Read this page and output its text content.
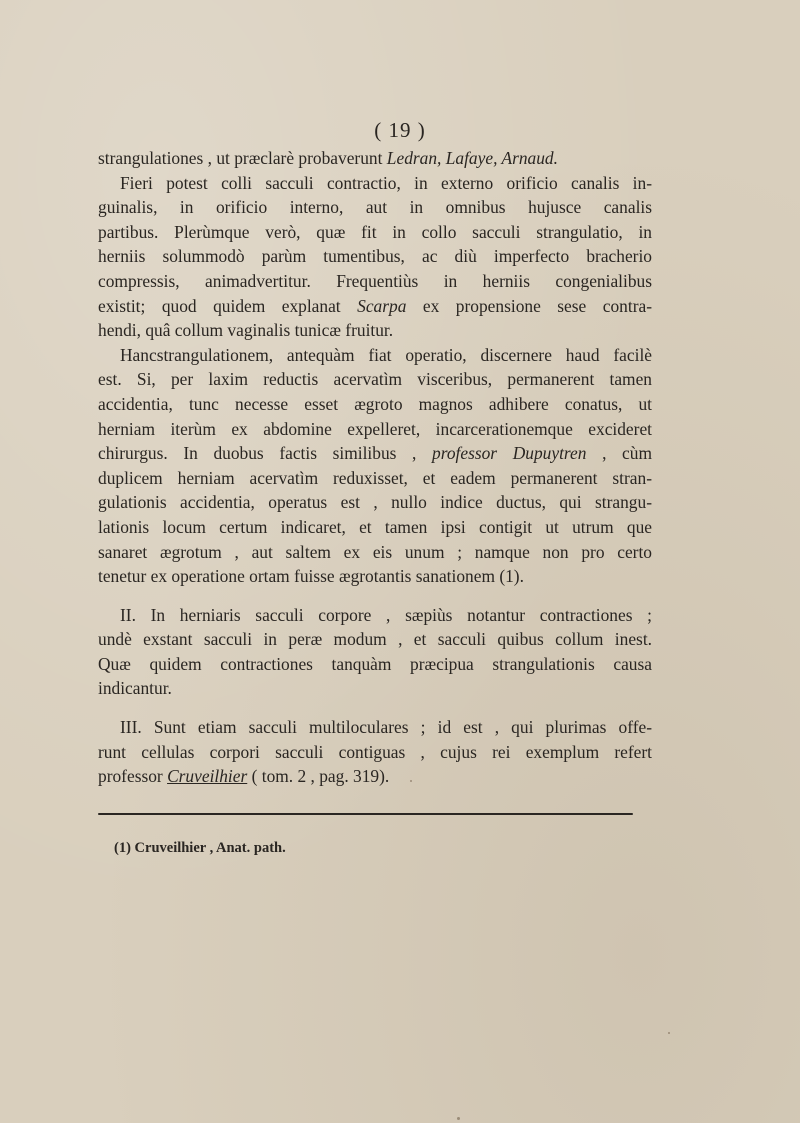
( 19 )
strangulationes , ut præclarè probaverunt Ledran, Lafaye, Arnaud.
Fieri potest colli sacculi contractio, in externo orificio canalis in-
guinalis, in orificio interno, aut in omnibus hujusce canalis
partibus. Plerùmque verò, quæ fit in collo sacculi strangulatio, in
herniis solummodò parùm tumentibus, ac diù imperfecto bracherio
compressis, animadvertitur. Frequentiùs in herniis congenialibus
existit; quod quidem explanat Scarpa ex propensione sese contra-
hendi, quâ collum vaginalis tunicæ fruitur.
Hancstrangulationem, antequàm fiat operatio, discernere haud facilè
est. Si, per laxim reductis acervatìm visceribus, permanerent tamen
accidentia, tunc necesse esset ægroto magnos adhibere conatus, ut
herniam iterùm ex abdomine expelleret, incarcerationemque excideret
chirurgus. In duobus factis similibus , professor Dupuytren , cùm
duplicem herniam acervatìm reduxisset, et eadem permanerent stran-
gulationis accidentia, operatus est , nullo indice ductus, qui strangu-
lationis locum certum indicaret, et tamen ipsi contigit ut utrum que
sanaret ægrotum , aut saltem ex eis unum ; namque non pro certo
tenetur ex operatione ortam fuisse ægrotantis sanationem (1).
II. In herniaris sacculi corpore , sæpiùs notantur contractiones ;
undè exstant sacculi in peræ modum , et sacculi quibus collum inest.
Quæ quidem contractiones tanquàm præcipua strangulationis causa
indicantur.
III. Sunt etiam sacculi multiloculares ; id est , qui plurimas offe-
runt cellulas corpori sacculi contiguas , cujus rei exemplum refert
professor Cruveilhier ( tom. 2 , pag. 319).
(1) Cruveilhier , Anat. path.
